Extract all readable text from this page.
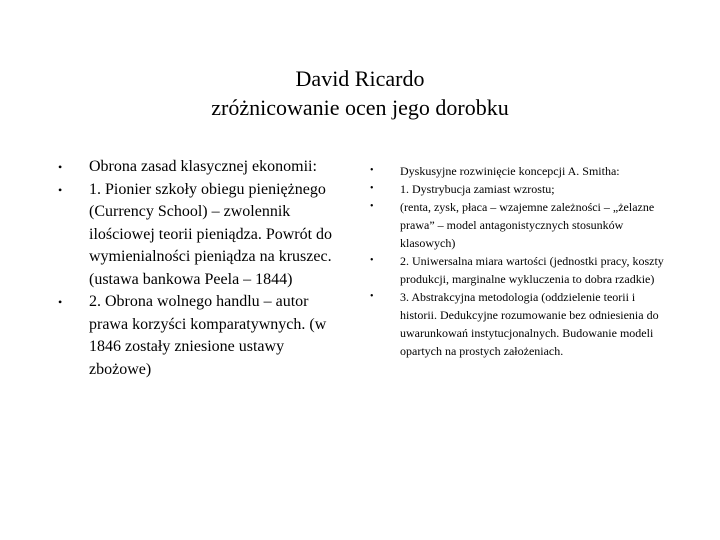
David Ricardo
zróżnicowanie ocen jego dorobku
• Obrona zasad klasycznej ekonomii:
• 1. Pionier szkoły obiegu pieniężnego (Currency School) – zwolennik ilościowej teorii pieniądza. Powrót do wymienialności pieniądza na kruszec. (ustawa bankowa Peela – 1844)
• 2. Obrona wolnego handlu – autor prawa korzyści komparatywnych. (w 1846 zostały zniesione ustawy zbożowe)
• Dyskusyjne rozwinięcie koncepcji A. Smitha:
• 1. Dystrybucja zamiast wzrostu;
• (renta, zysk, płaca – wzajemne zależności – „żelazne prawa” – model antagonistycznych stosunków klasowych)
• 2. Uniwersalna miara wartości (jednostki pracy, koszty produkcji, marginalne wykluczenia to dobra rzadkie)
• 3. Abstrakcyjna metodologia (oddzielenie teorii i historii. Dedukcyjne rozumowanie bez odniesienia do uwarunkowań instytucjonalnych. Budowanie modeli opartych na prostych założeniach.
